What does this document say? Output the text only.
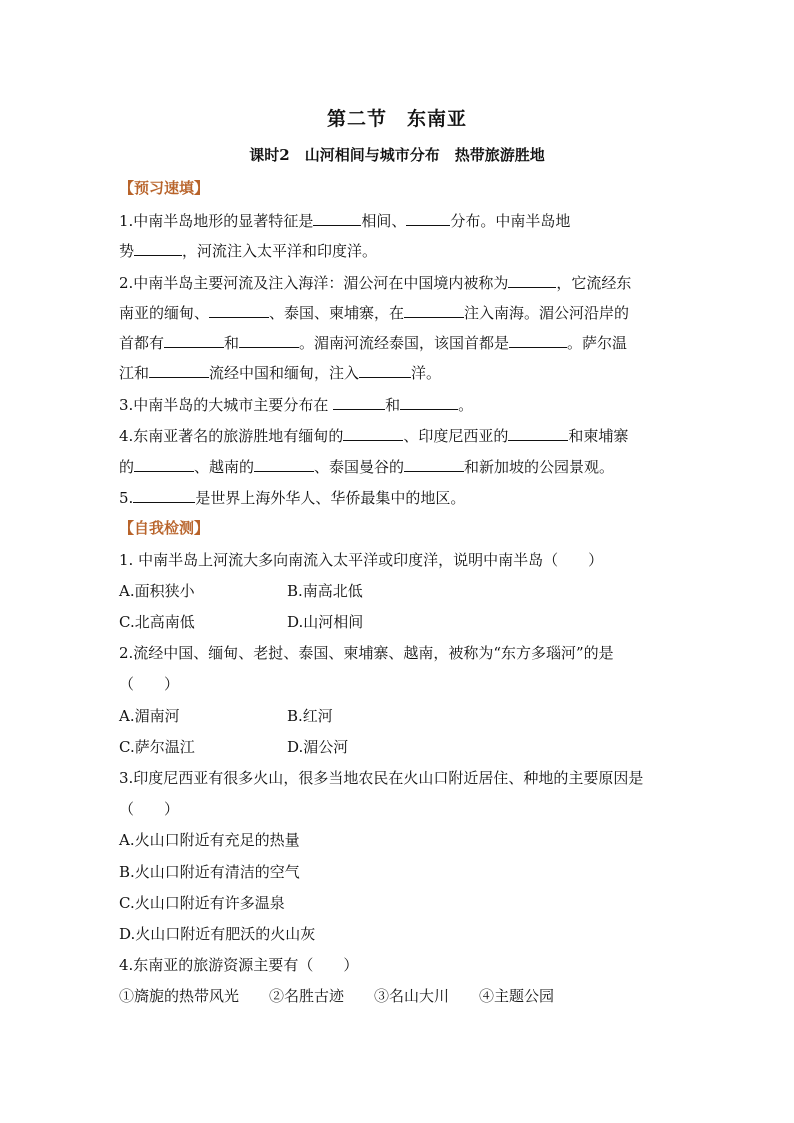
第二节　东南亚
课时2　山河相间与城市分布　热带旅游胜地
【预习速填】
1.中南半岛地形的显著特征是	相间、	分布。中南半岛地
势	，河流注入太平洋和印度洋。
2.中南半岛主要河流及注入海洋：湄公河在中国境内被称为	，它流经东
南亚的缅甸、	、泰国、柬埔寨，在	注入南海。湄公河沿岸的
首都有	和	。湄南河流经泰国，该国首都是	。萨尔温
江和	流经中国和缅甸，注入	洋。
3.中南半岛的大城市主要分布在	和	。
4.东南亚著名的旅游胜地有缅甸的	、印度尼西亚的	和柬埔寨
的	、越南的	、泰国曼谷的	和新加坡的公园景观。
5.	是世界上海外华人、华侨最集中的地区。
【自我检测】
1. 中南半岛上河流大多向南流入太平洋或印度洋，说明中南半岛（　　）
A.面积狭小	B.南高北低
C.北高南低	D.山河相间
2.流经中国、缅甸、老挝、泰国、柬埔寨、越南，被称为“东方多瑙河”的是
（　　）
A.湄南河	B.红河
C.萨尔温江	D.湄公河
3.印度尼西亚有很多火山，很多当地农民在火山口附近居住、种地的主要原因是
（　　）
A.火山口附近有充足的热量
B.火山口附近有清洁的空气
C.火山口附近有许多温泉
D.火山口附近有肥沃的火山灰
4.东南亚的旅游资源主要有（　　）
①旖旎的热带风光　　②名胜古迹　　③名山大川　　④主题公园
